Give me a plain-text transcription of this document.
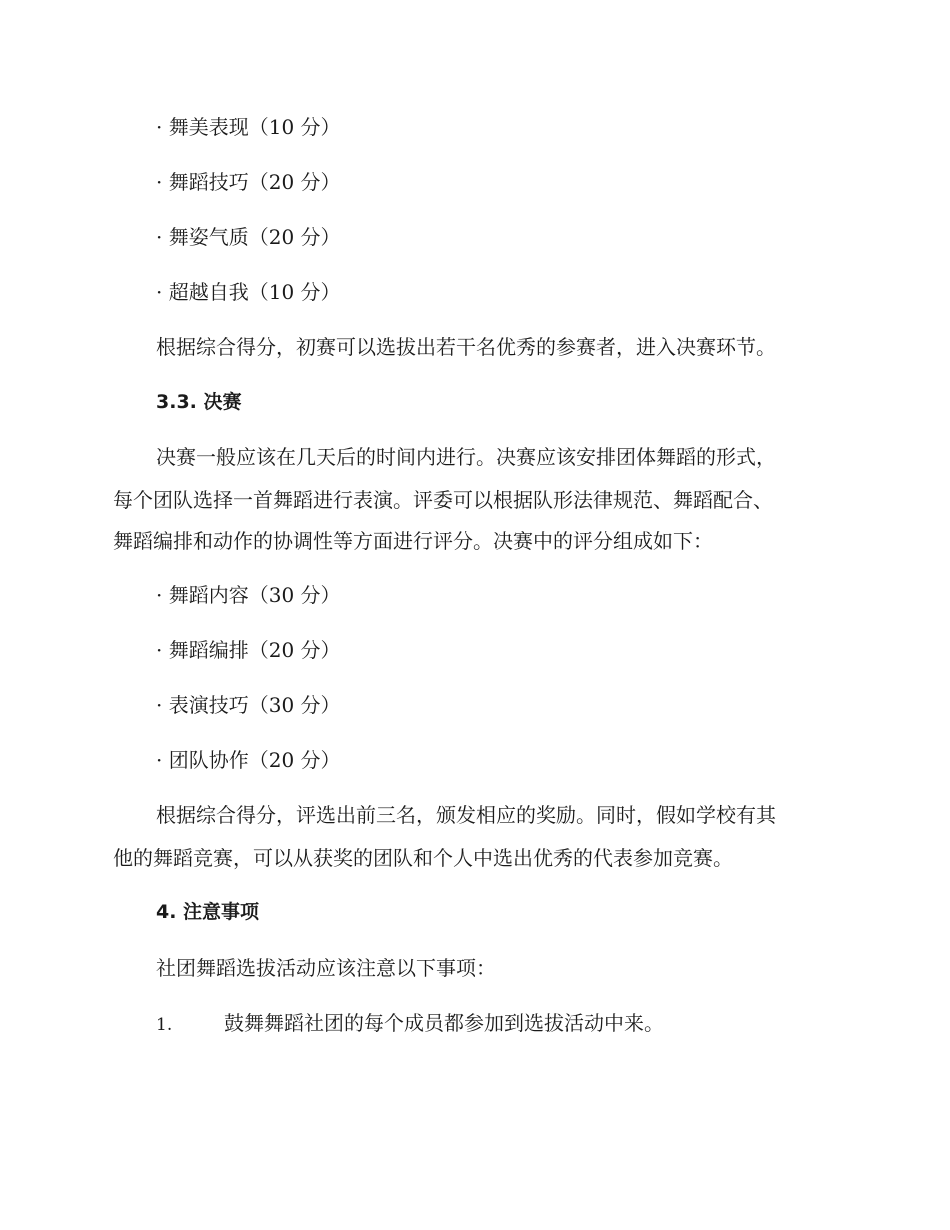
· 舞美表现（10 分）
· 舞蹈技巧（20 分）
· 舞姿气质（20 分）
· 超越自我（10 分）
根据综合得分，初赛可以选拔出若干名优秀的参赛者，进入决赛环节。
3.3. 决赛
决赛一般应该在几天后的时间内进行。决赛应该安排团体舞蹈的形式，
每个团队选择一首舞蹈进行表演。评委可以根据队形法律规范、舞蹈配合、
舞蹈编排和动作的协调性等方面进行评分。决赛中的评分组成如下：
· 舞蹈内容（30 分）
· 舞蹈编排（20 分）
· 表演技巧（30 分）
· 团队协作（20 分）
根据综合得分，评选出前三名，颁发相应的奖励。同时，假如学校有其
他的舞蹈竞赛，可以从获奖的团队和个人中选出优秀的代表参加竞赛。
4. 注意事项
社团舞蹈选拔活动应该注意以下事项：
1.	鼓舞舞蹈社团的每个成员都参加到选拔活动中来。
